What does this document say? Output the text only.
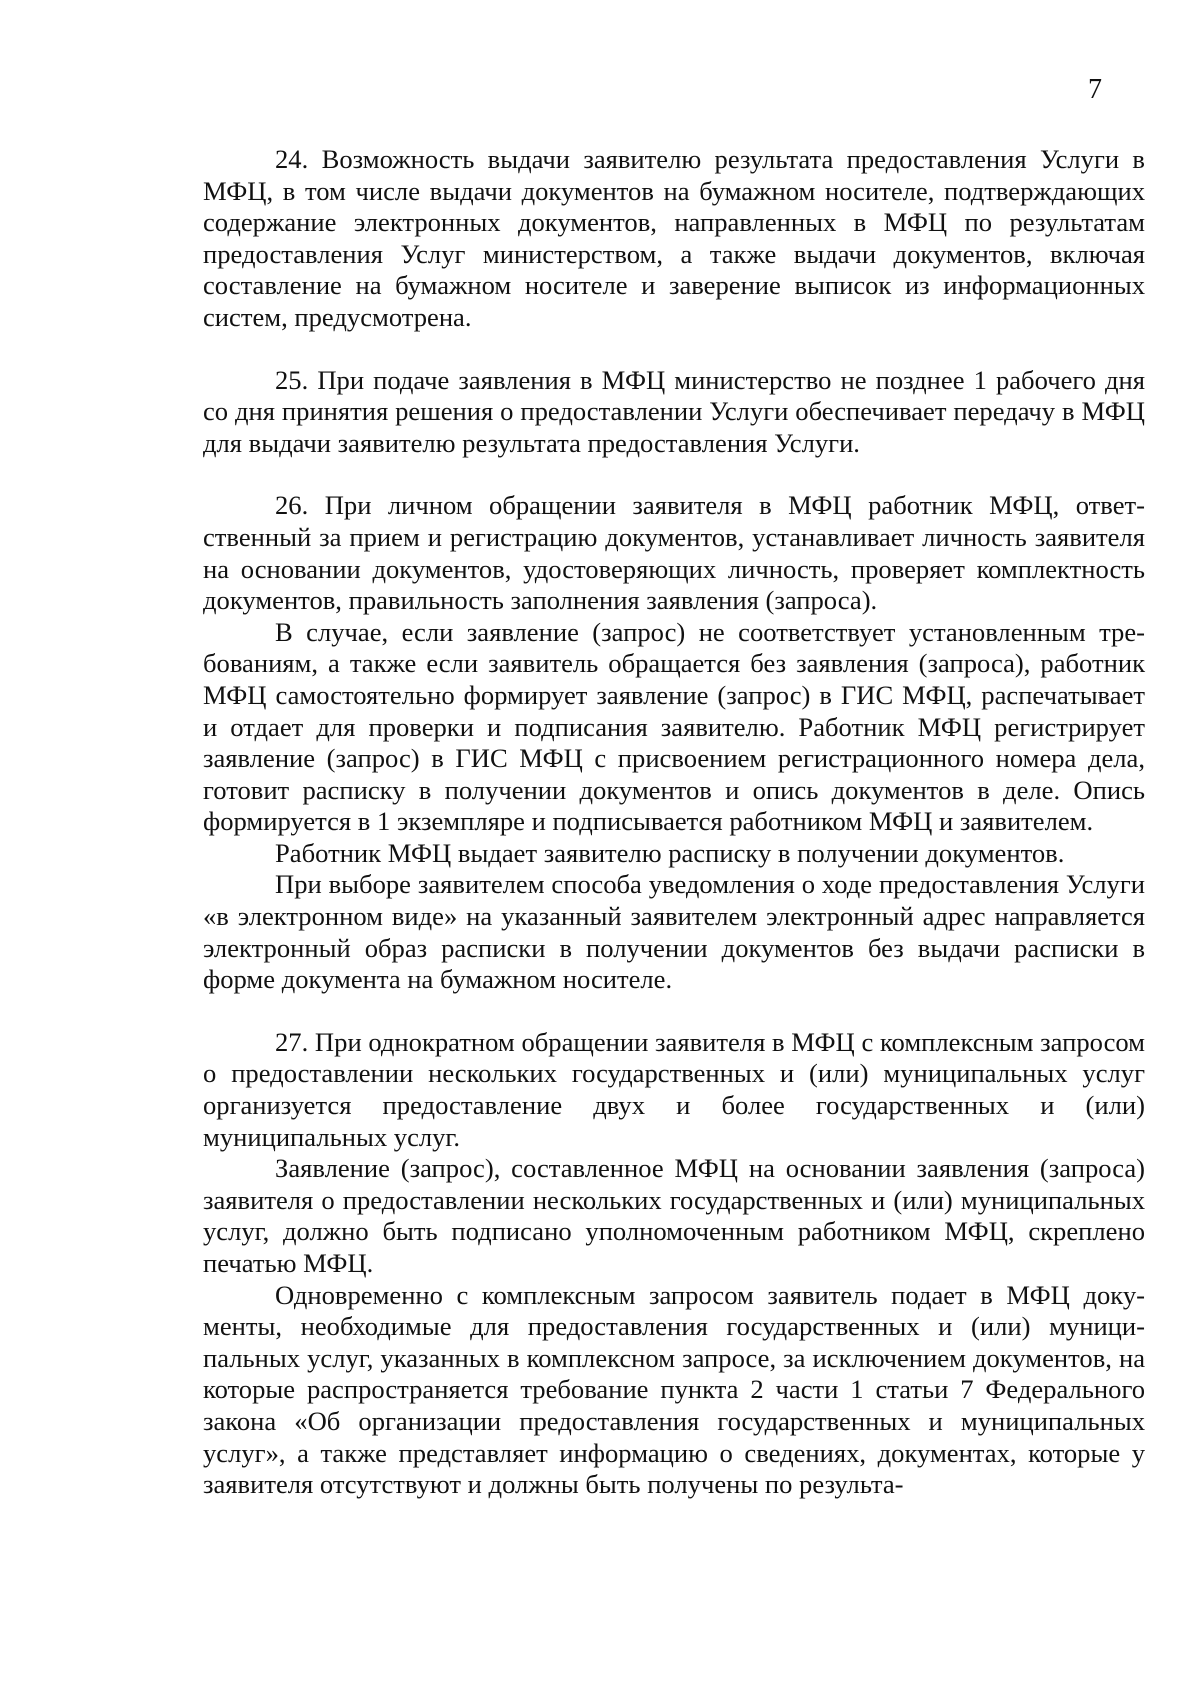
7

24. Возможность выдачи заявителю результата предоставления Услуги в МФЦ, в том числе выдачи документов на бумажном носителе, подтверждающих содержание электронных документов, направленных в МФЦ по результатам предоставления Услуг министерством, а также выдачи документов, включая составление на бумажном носителе и заверение выписок из информационных систем, предусмотрена.

25. При подаче заявления в МФЦ министерство не позднее 1 рабочего дня со дня принятия решения о предоставлении Услуги обеспечивает передачу в МФЦ для выдачи заявителю результата предоставления Услуги.

26. При личном обращении заявителя в МФЦ работник МФЦ, ответственный за прием и регистрацию документов, устанавливает личность заявителя на основании документов, удостоверяющих личность, проверяет комплектность документов, правильность заполнения заявления (запроса).

В случае, если заявление (запрос) не соответствует установленным требованиям, а также если заявитель обращается без заявления (запроса), работник МФЦ самостоятельно формирует заявление (запрос) в ГИС МФЦ, распечатывает и отдает для проверки и подписания заявителю. Работник МФЦ регистрирует заявление (запрос) в ГИС МФЦ с присвоением регистрационного номера дела, готовит расписку в получении документов и опись документов в деле. Опись формируется в 1 экземпляре и подписывается работником МФЦ и заявителем.

Работник МФЦ выдает заявителю расписку в получении документов.

При выборе заявителем способа уведомления о ходе предоставления Услуги «в электронном виде» на указанный заявителем электронный адрес направляется электронный образ расписки в получении документов без выдачи расписки в форме документа на бумажном носителе.

27. При однократном обращении заявителя в МФЦ с комплексным запросом о предоставлении нескольких государственных и (или) муниципальных услуг организуется предоставление двух и более государственных и (или) муниципальных услуг.

Заявление (запрос), составленное МФЦ на основании заявления (запроса) заявителя о предоставлении нескольких государственных и (или) муниципальных услуг, должно быть подписано уполномоченным работником МФЦ, скреплено печатью МФЦ.

Одновременно с комплексным запросом заявитель подает в МФЦ документы, необходимые для предоставления государственных и (или) муниципальных услуг, указанных в комплексном запросе, за исключением документов, на которые распространяется требование пункта 2 части 1 статьи 7 Федерального закона «Об организации предоставления государственных и муниципальных услуг», а также представляет информацию о сведениях, документах, которые у заявителя отсутствуют и должны быть получены по результа-
